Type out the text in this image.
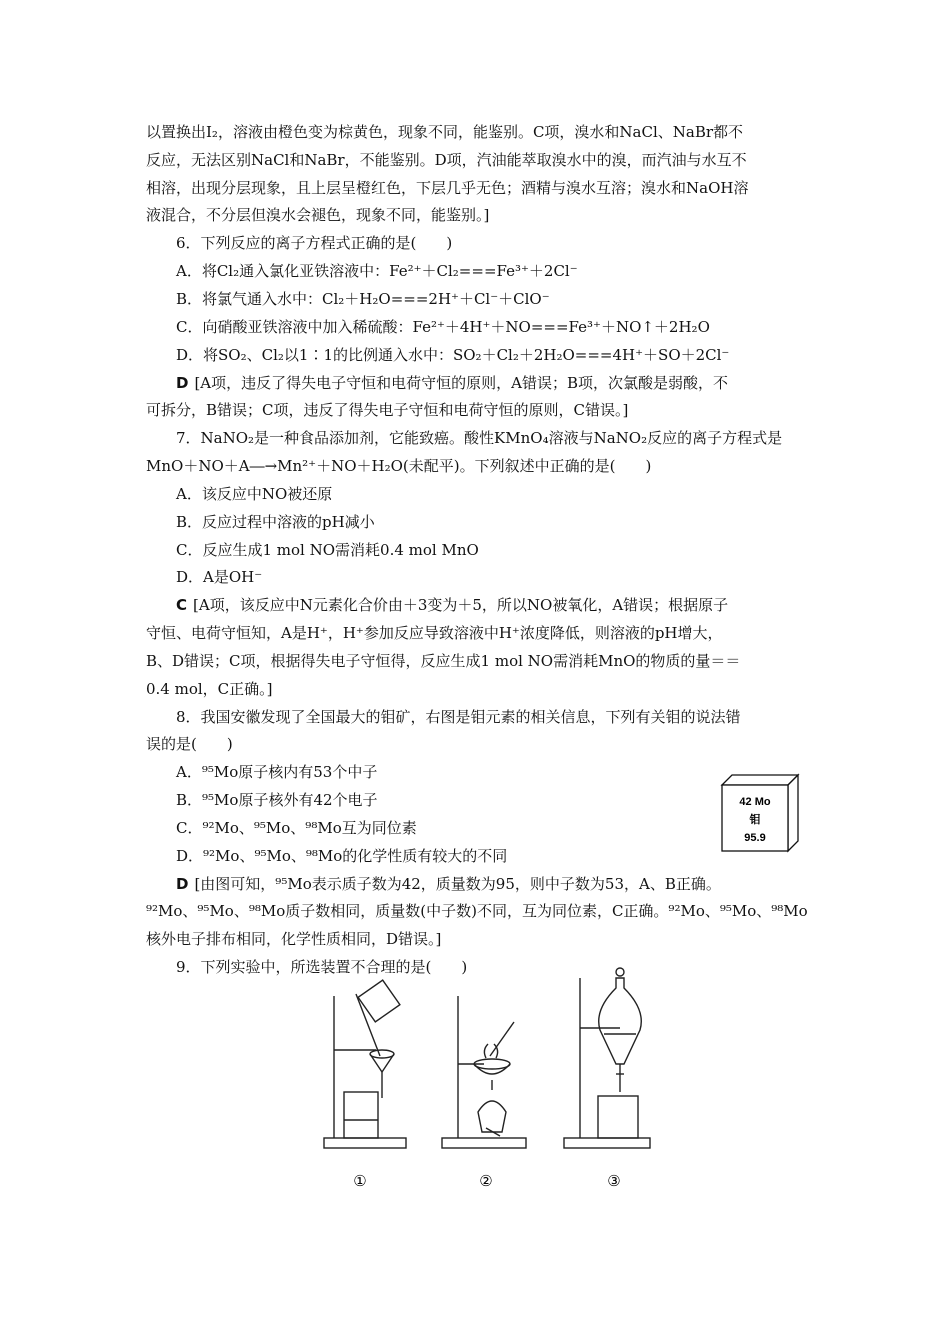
以置换出I₂，溶液由橙色变为棕黄色，现象不同，能鉴别。C项，溴水和NaCl、NaBr都不
反应，无法区别NaCl和NaBr，不能鉴别。D项，汽油能萃取溴水中的溴，而汽油与水互不
相溶，出现分层现象，且上层呈橙红色，下层几乎无色；酒精与溴水互溶；溴水和NaOH溶
液混合，不分层但溴水会褪色，现象不同，能鉴别。]
6．下列反应的离子方程式正确的是(　　)
A．将Cl₂通入氯化亚铁溶液中：Fe²⁺＋Cl₂===Fe³⁺＋2Cl⁻
B．将氯气通入水中：Cl₂＋H₂O===2H⁺＋Cl⁻＋ClO⁻
C．向硝酸亚铁溶液中加入稀硫酸：Fe²⁺＋4H⁺＋NO===Fe³⁺＋NO↑＋2H₂O
D．将SO₂、Cl₂以1∶1的比例通入水中：SO₂＋Cl₂＋2H₂O===4H⁺＋SO＋2Cl⁻
D [A项，违反了得失电子守恒和电荷守恒的原则，A错误；B项，次氯酸是弱酸，不
可拆分，B错误；C项，违反了得失电子守恒和电荷守恒的原则，C错误。]
7．NaNO₂是一种食品添加剂，它能致癌。酸性KMnO₄溶液与NaNO₂反应的离子方程式是
MnO＋NO＋A―→Mn²⁺＋NO＋H₂O(未配平)。下列叙述中正确的是(　　)
A．该反应中NO被还原
B．反应过程中溶液的pH减小
C．反应生成1 mol NO需消耗0.4 mol MnO
D．A是OH⁻
C [A项，该反应中N元素化合价由＋3变为＋5，所以NO被氧化，A错误；根据原子
守恒、电荷守恒知，A是H⁺，H⁺参加反应导致溶液中H⁺浓度降低，则溶液的pH增大，
B、D错误；C项，根据得失电子守恒得，反应生成1 mol NO需消耗MnO的物质的量＝＝
0.4 mol，C正确。]
8．我国安徽发现了全国最大的钼矿，右图是钼元素的相关信息，下列有关钼的说法错
误的是(　　)
A．⁹⁵Mo原子核内有53个中子
B．⁹⁵Mo原子核外有42个电子
C．⁹²Mo、⁹⁵Mo、⁹⁸Mo互为同位素
D．⁹²Mo、⁹⁵Mo、⁹⁸Mo的化学性质有较大的不同
D [由图可知，⁹⁵Mo表示质子数为42，质量数为95，则中子数为53，A、B正确。
⁹²Mo、⁹⁵Mo、⁹⁸Mo质子数相同，质量数(中子数)不同，互为同位素，C正确。⁹²Mo、⁹⁵Mo、⁹⁸Mo
核外电子排布相同，化学性质相同，D错误。]
9．下列实验中，所选装置不合理的是(　　)
42 Mo
钼
95.9
①	②	③
